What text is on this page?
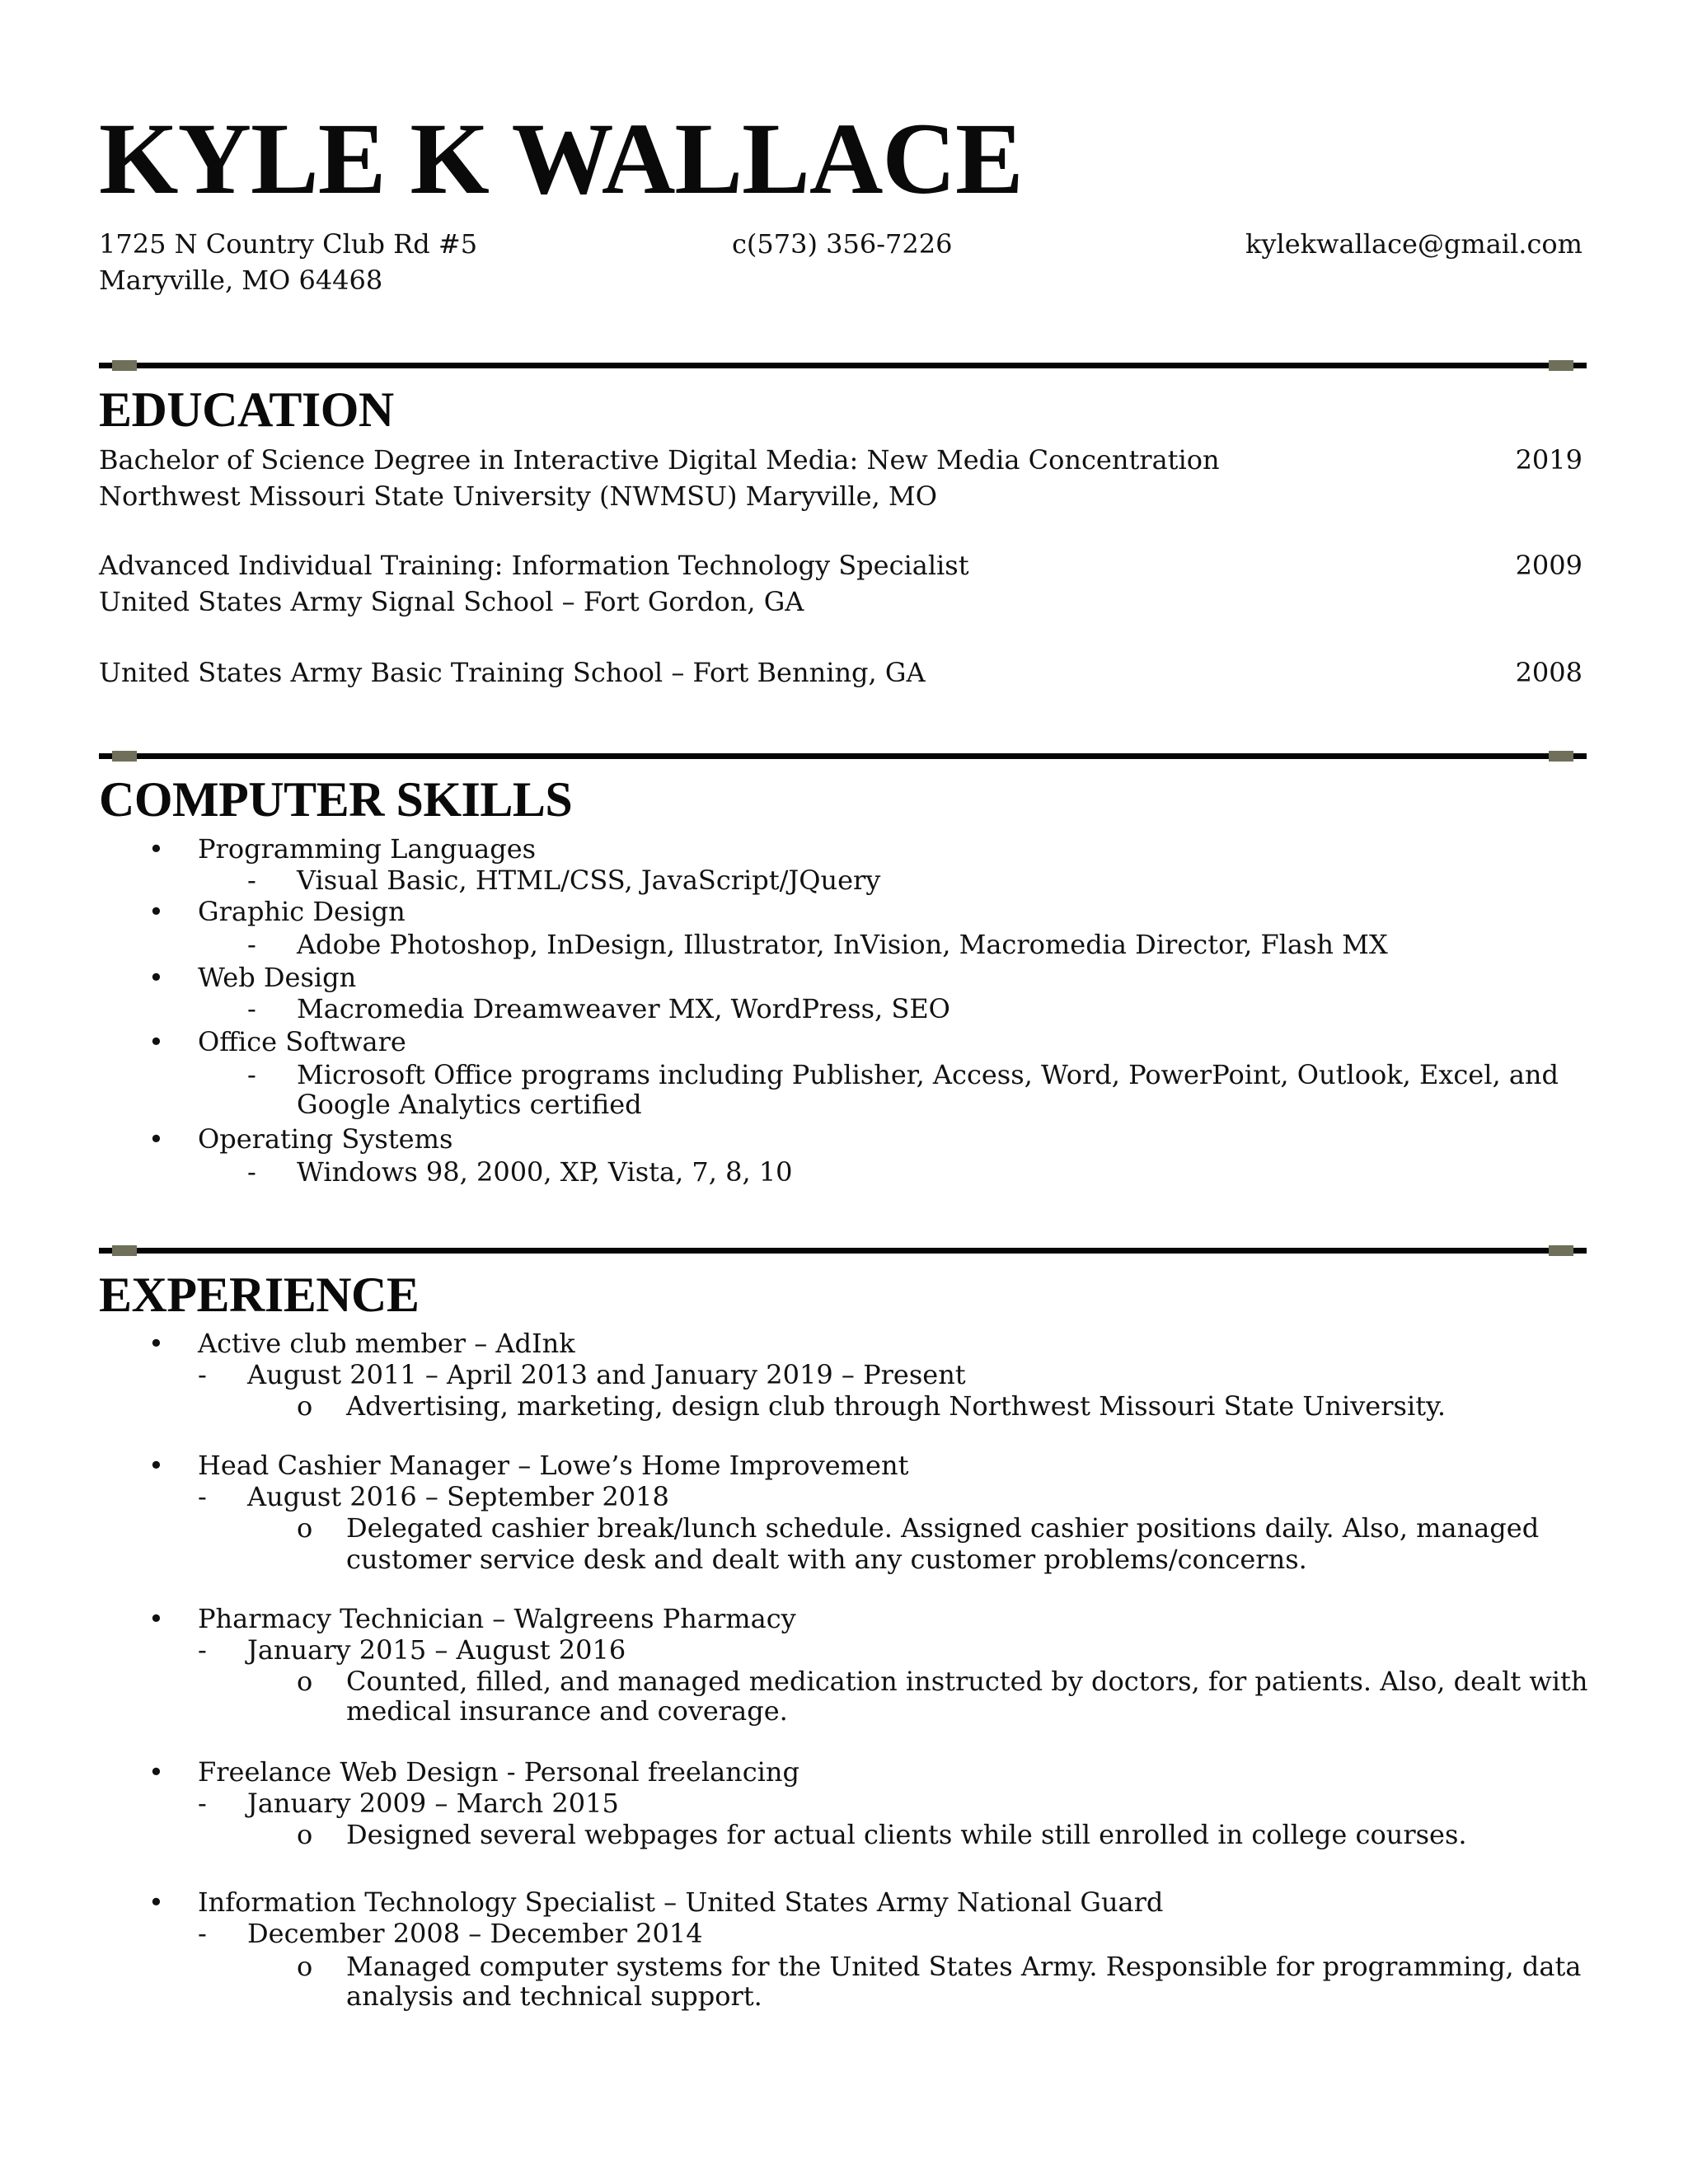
KYLE K WALLACE
1725 N Country Club Rd #5
Maryville, MO 64468
c(573) 356-7226	kylekwallace@gmail.com
EDUCATION
Bachelor of Science Degree in Interactive Digital Media: New Media Concentration	2019
Northwest Missouri State University (NWMSU) Maryville, MO
Advanced Individual Training: Information Technology Specialist	2009
United States Army Signal School – Fort Gordon, GA
United States Army Basic Training School – Fort Benning, GA	2008
COMPUTER SKILLS
• Programming Languages
- Visual Basic, HTML/CSS, JavaScript/JQuery
• Graphic Design
- Adobe Photoshop, InDesign, Illustrator, InVision, Macromedia Director, Flash MX
• Web Design
- Macromedia Dreamweaver MX, WordPress, SEO
• Office Software
- Microsoft Office programs including Publisher, Access, Word, PowerPoint, Outlook, Excel, and
Google Analytics certified
• Operating Systems
- Windows 98, 2000, XP, Vista, 7, 8, 10
EXPERIENCE
• Active club member – AdInk
- August 2011 – April 2013 and January 2019 – Present
o Advertising, marketing, design club through Northwest Missouri State University.
• Head Cashier Manager – Lowe’s Home Improvement
- August 2016 – September 2018
o Delegated cashier break/lunch schedule. Assigned cashier positions daily. Also, managed
customer service desk and dealt with any customer problems/concerns.
• Pharmacy Technician – Walgreens Pharmacy
- January 2015 – August 2016
o Counted, filled, and managed medication instructed by doctors, for patients. Also, dealt with
medical insurance and coverage.
• Freelance Web Design - Personal freelancing
- January 2009 – March 2015
o Designed several webpages for actual clients while still enrolled in college courses.
• Information Technology Specialist – United States Army National Guard
- December 2008 – December 2014
o Managed computer systems for the United States Army. Responsible for programming, data
analysis and technical support.
